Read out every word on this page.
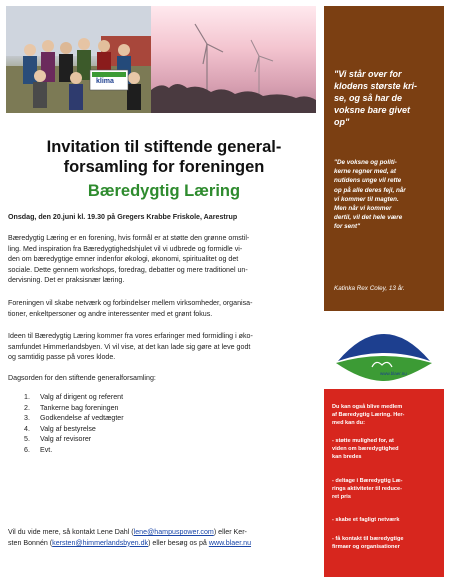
klima
Invitation til stiftende general-
forsamling for foreningen
Bæredygtig Læring
Onsdag, den 20.juni kl. 19.30 på Gregers Krabbe Friskole, Aarestrup
Bæredygtig Læring er en forening, hvis formål er at støtte den grønne omstil-
ling. Med inspiration fra Bæredygtighedshjulet vil vi udbrede og formidle vi-
den om bæredygtige emner indenfor økologi, økonomi, spiritualitet og det
sociale. Dette gennem workshops, foredrag, debatter og mere traditionel un-
dervisning. Det er praksisnær læring.
Foreningen vil skabe netværk og forbindelser mellem virksomheder, organisa-
tioner, enkeltpersoner og andre interessenter med et grønt fokus.
Ideen til Bæredygtig Læring kommer fra vores erfaringer med formidling i øko-
samfundet Himmerlandsbyen. Vi vil vise, at det kan lade sig gøre at leve godt
og samtidig passe på vores klode.
Dagsorden for den stiftende generalforsamling:
1. Valg af dirigent og referent
2. Tankerne bag foreningen
3. Godkendelse af vedtægter
4. Valg af bestyrelse
5. Valg af revisorer
6. Evt.
Vil du vide mere, så kontakt Lene Dahl (lene@hampuspower.com) eller Ker-
sten Bonnén (kersten@himmerlandsbyen.dk) eller besøg os på www.blaer.nu
"Vi står over for
klodens største kri-
se, og så har de
voksne bare givet
op"
"De voksne og politi-
kerne regner med, at
nutidens unge vil rette
op på alle deres fejl, når
vi kommer til magten.
Men når vi kommer
dertil, vil det hele være
for sent"
Katinka Rex Coley, 13 år.
BÆREDYGTIG LÆRING
www.blaer.nu
Du kan også blive medlem
af Bæredygtig Læring. Her-
med kan du:
- støtte mulighed for, at
viden om bæredygtighed
kan bredes
- deltage i Bæredygtig Læ-
rings aktiviteter til reduce-
ret pris
- skabe et fagligt netværk
- få kontakt til bæredygtige
firmaer og organisationer
